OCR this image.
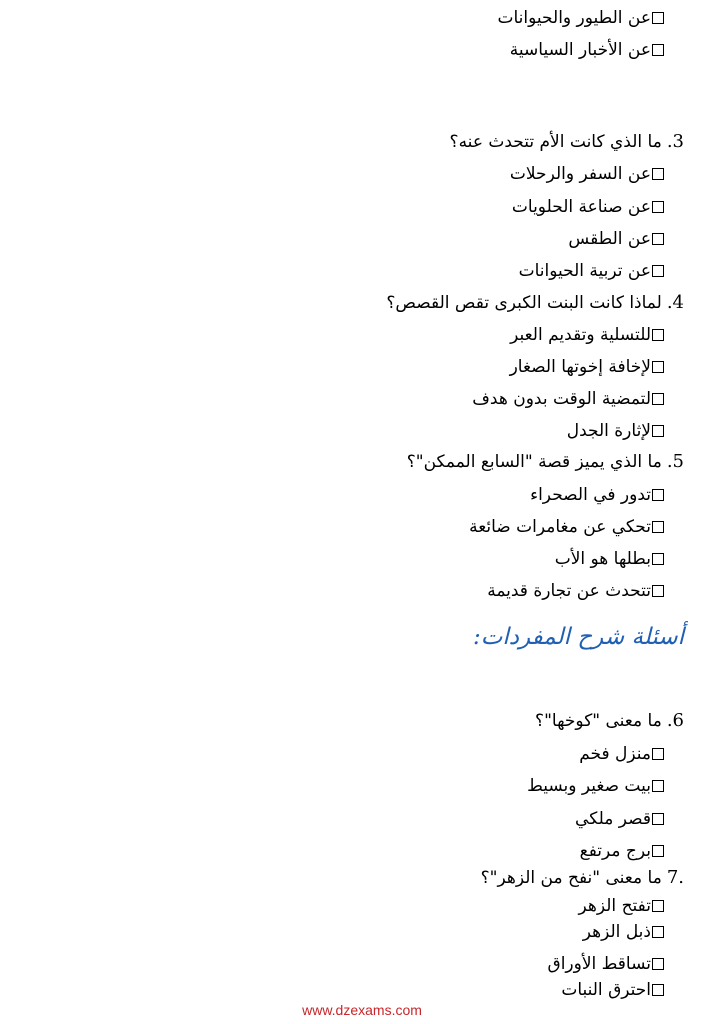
عن الطيور والحيوانات
عن الأخبار السياسية
3.ما الذي كانت الأم تتحدث عنه؟
عن السفر والرحلات
عن صناعة الحلويات
عن الطقس
عن تربية الحيوانات
4.لماذا كانت البنت الكبرى تقص القصص؟
للتسلية وتقديم العبر
لإخافة إخوتها الصغار
لتمضية الوقت بدون هدف
لإثارة الجدل
5.ما الذي يميز قصة "السابع الممكن"؟
تدور في الصحراء
تحكي عن مغامرات ضائعة
بطلها هو الأب
تتحدث عن تجارة قديمة
أسئلة شرح المفردات:
6.ما معنى "كوخها"؟
منزل فخم
بيت صغير وبسيط
قصر ملكي
برج مرتفع
.7ما معنى "نفح من الزهر"؟
تفتح الزهر
ذبل الزهر
تساقط الأوراق
احترق النبات
www.dzexams.com
